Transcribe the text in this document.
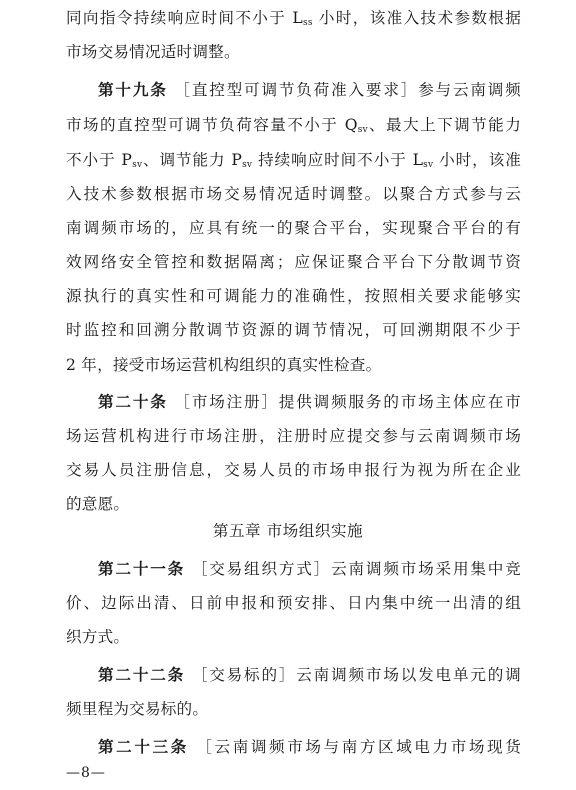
同向指令持续响应时间不小于 $L_{ss}$ 小时，该准入技术参数根据
市场交易情况适时调整。
第十九条 ［直控型可调节负荷准入要求］参与云南调频
市场的直控型可调节负荷容量不小于 $Q_{sv}$、最大上下调节能力
不小于 $P_{sv}$、调节能力 $P_{sv}$ 持续响应时间不小于 $L_{sv}$ 小时，该准
入技术参数根据市场交易情况适时调整。以聚合方式参与云
南调频市场的，应具有统一的聚合平台，实现聚合平台的有
效网络安全管控和数据隔离；应保证聚合平台下分散调节资
源执行的真实性和可调能力的准确性，按照相关要求能够实
时监控和回溯分散调节资源的调节情况，可回溯期限不少于
2 年，接受市场运营机构组织的真实性检查。
第二十条 ［市场注册］提供调频服务的市场主体应在市
场运营机构进行市场注册，注册时应提交参与云南调频市场
交易人员注册信息，交易人员的市场申报行为视为所在企业
的意愿。
第二十一条 ［交易组织方式］云南调频市场采用集中竞
价、边际出清、日前申报和预安排、日内集中统一出清的组
织方式。
第二十二条 ［交易标的］云南调频市场以发电单元的调
频里程为交易标的。
第二十三条 ［云南调频市场与南方区域电力市场现货
第五章 市场组织实施
—8—
